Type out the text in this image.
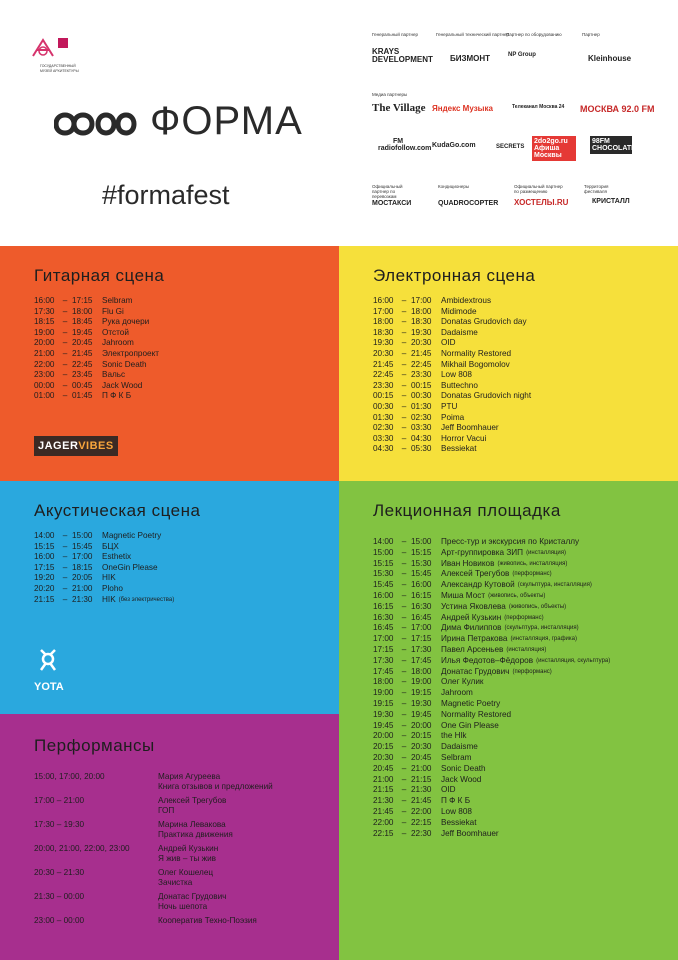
ГОСУДАРСТВЕННЫЙ МУЗЕЙ АРХИТЕКТУРЫ
ФОРМА
#formafest
Генеральный партнер	Генеральный технический партнер
Партнер по оборудованию	Партнер
KRAYS DEVELOPMENT БИЗМОНТ	NP Group	Kleinhouse
Медиа партнеры
The Village Яндекс Музыка	Телеканал Москва 24	МОСКВА 92.0 FM
FM radiofollow.com KudaGo.com	SECRETS
2do2go.ru Афиша Москвы
98FM CHOCOLATE
Официальный партнер по перевозкам
Кондиционеры	Официальный партнер по размещению
Территория фестиваля
МОСТАКСИ	QUADROCOPTER ХОСТЕЛЫ.RU	КРИСТАЛЛ
Гитарная сцена
16:00	– 17:15	Selbram
17:30	– 18:00	Flu Gi
18:15	– 18:45	Рука дочери
19:00	– 19:45	Отстой
20:00	– 20:45	Jahroom
21:00	– 21:45	Электропроект
22:00	– 22:45	Sonic Death
23:00	– 23:45	Вальс
00:00	– 00:45	Jack Wood
01:00	– 01:45	П Ф К Б
JAGERVIBES
Электронная сцена
16:00	– 17:00	Ambidextrous
17:00	– 18:00	Midimode
18:00	– 18:30	Donatas Grudovich day
18:30	– 19:30	Dadaisme
19:30	– 20:30	OID
20:30	– 21:45	Normality Restored
21:45	– 22:45	Mikhail Bogomolov
22:45	– 23:30	Low 808
23:30	– 00:15	Buttechno
00:15	– 00:30	Donatas Grudovich night
00:30	– 01:30	PTU
01:30	– 02:30	Poima
02:30	– 03:30	Jeff Boomhauer
03:30	– 04:30	Horror Vacui
04:30	– 05:30	Bessiekat
Акустическая сцена
14:00	– 15:00	Magnetic Poetry
15:15	– 15:45	БЦХ
16:00	– 17:00	Esthetix
17:15	– 18:15	OneGin Please
19:20	– 20:05	HIK
20:20	– 21:00	Ploho
21:15	– 21:30	HIK (без электричества)
YOTA
Лекционная площадка
14:00	– 15:00	Пресс-тур и экскурсия по Кристаллу
15:00	– 15:15	Арт-группировка ЗИП (инсталляция)
15:15	– 15:30	Иван Новиков (живопись, инсталляция)
15:30	– 15:45	Алексей Трегубов (перформанс)
15:45	– 16:00	Александр Кутовой (скульптура, инсталляция)
16:00	– 16:15	Миша Мост (живопись, объекты)
16:15	– 16:30	Устина Яковлева (живопись, объекты)
16:30	– 16:45	Андрей Кузькин (перформанс)
16:45	– 17:00	Дима Филиппов (скульптура, инсталляция)
17:00	– 17:15	Ирина Петракова (инсталляция, графика)
17:15	– 17:30	Павел Арсеньев (инсталляция)
17:30	– 17:45	Илья Федотов–Фёдоров (инсталляция, скульптура)
17:45	– 18:00	Донатас Грудович (перформанс)
18:00	– 19:00	Олег Кулик
19:00	– 19:15	Jahroom
19:15	– 19:30	Magnetic Poetry
19:30	– 19:45	Normality Restored
19:45	– 20:00	One Gin Please
20:00	– 20:15	the Hlk
20:15	– 20:30	Dadaisme
20:30	– 20:45	Selbram
20:45	– 21:00	Sonic Death
21:00	– 21:15	Jack Wood
21:15	– 21:30	OID
21:30	– 21:45	П Ф К Б
21:45	– 22:00	Low 808
22:00	– 22:15	Bessiekat
22:15	– 22:30	Jeff Boomhauer
Перформансы
15:00, 17:00, 20:00	Мария Агуреева
Книга отзывов и предложений
17:00 – 21:00	Алексей Трегубов
ГОП
17:30 – 19:30	Марина Левакова
Практика движения
20:00, 21:00, 22:00, 23:00	Андрей Кузькин
Я жив – ты жив
20:30 – 21:30	Олег Кошелец
Зачистка
21:30 – 00:00	Донатас Грудович
Ночь шепота
23:00 – 00:00	Кооператив Техно-Поэзия
